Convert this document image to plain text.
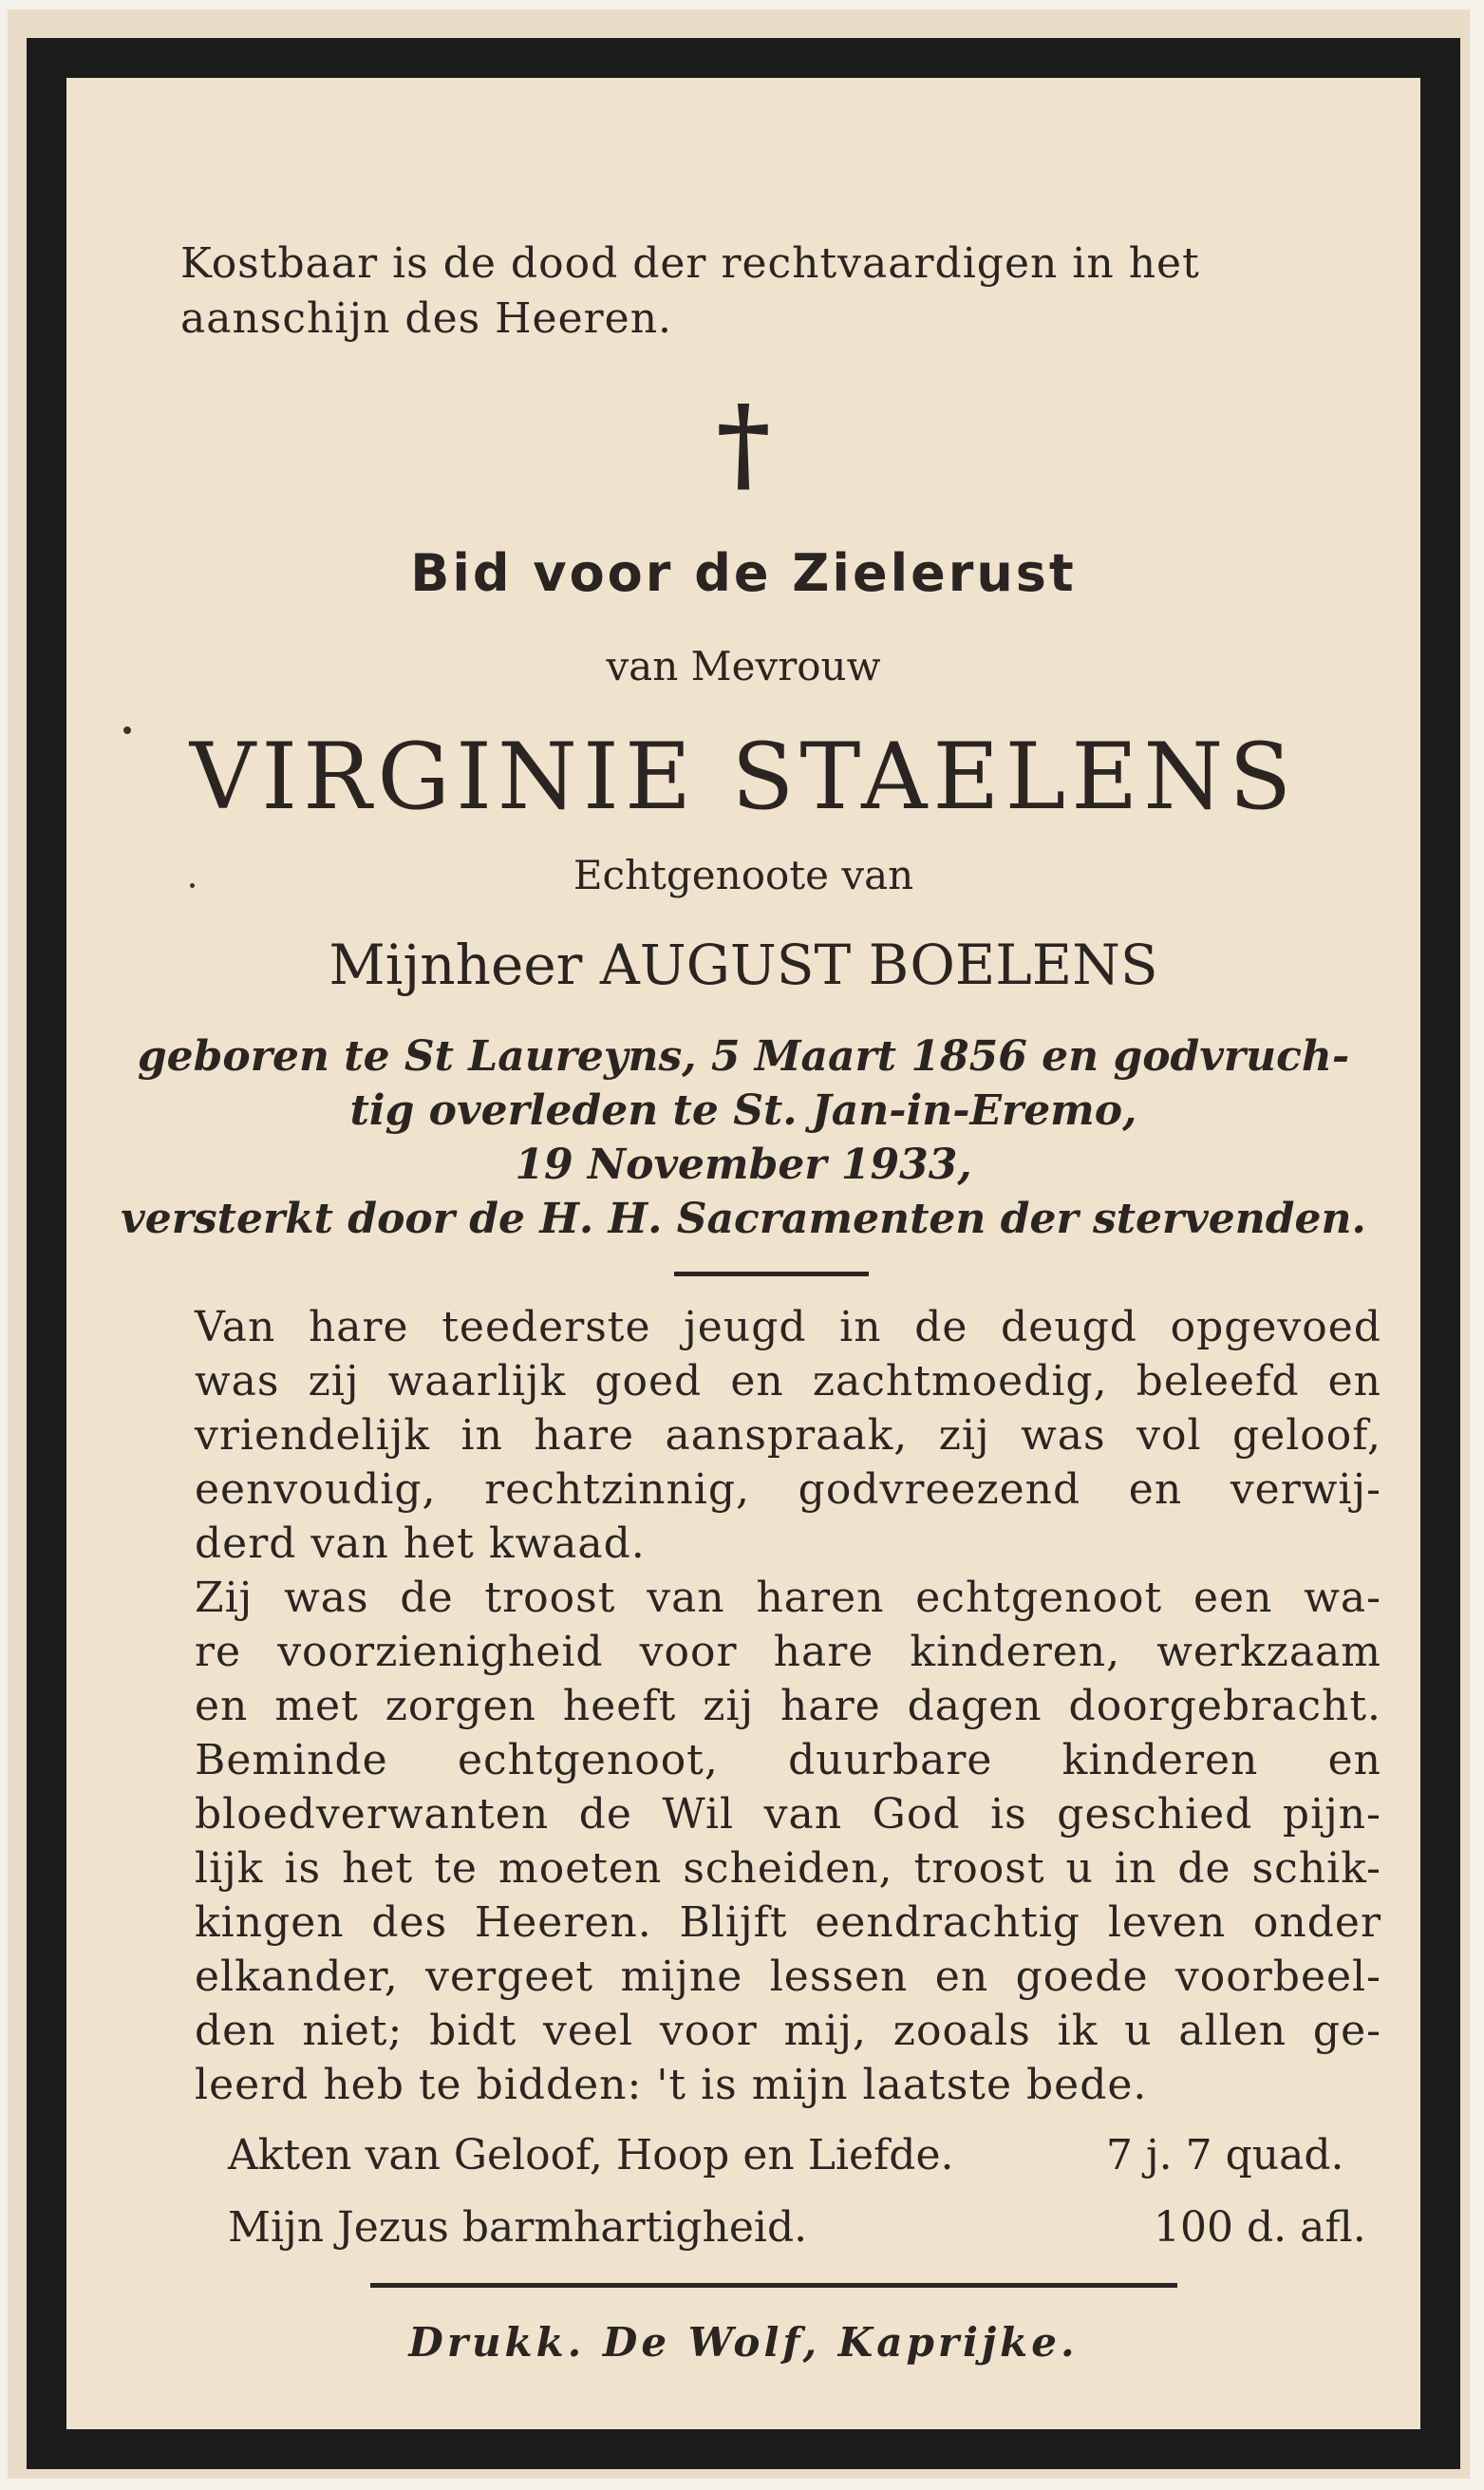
Kostbaar is de dood der rechtvaardigen in het

aanschijn des Heeren.

†

Bid voor de Zielerust

van Mevrouw

VIRGINIE STAELENS

Echtgenoote van

Mijnheer AUGUST BOELENS

geboren te St Laureyns, 5 Maart 1856 en godvruch-

tig overleden te St. Jan-in-Eremo,

19 November 1933,

versterkt door de H. H. Sacramenten der stervenden.

Van hare teederste jeugd in de deugd opgevoed

was zij waarlijk goed en zachtmoedig, beleefd en

vriendelijk in hare aanspraak, zij was vol geloof,

eenvoudig, rechtzinnig, godvreezend en verwij-

derd van het kwaad.

Zij was de troost van haren echtgenoot een wa-

re voorzienigheid voor hare kinderen, werkzaam

en met zorgen heeft zij hare dagen doorgebracht.

Beminde echtgenoot, duurbare kinderen en

bloedverwanten de Wil van God is geschied pijn-

lijk is het te moeten scheiden, troost u in de schik-

kingen des Heeren. Blijft eendrachtig leven onder

elkander, vergeet mijne lessen en goede voorbeel-

den niet; bidt veel voor mij, zooals ik u allen ge-

leerd heb te bidden: 't is mijn laatste bede.

Akten van Geloof, Hoop en Liefde.	7 j. 7 quad.

Mijn Jezus barmhartigheid.	100 d. afl.

Drukk. De Wolf, Kaprijke.
